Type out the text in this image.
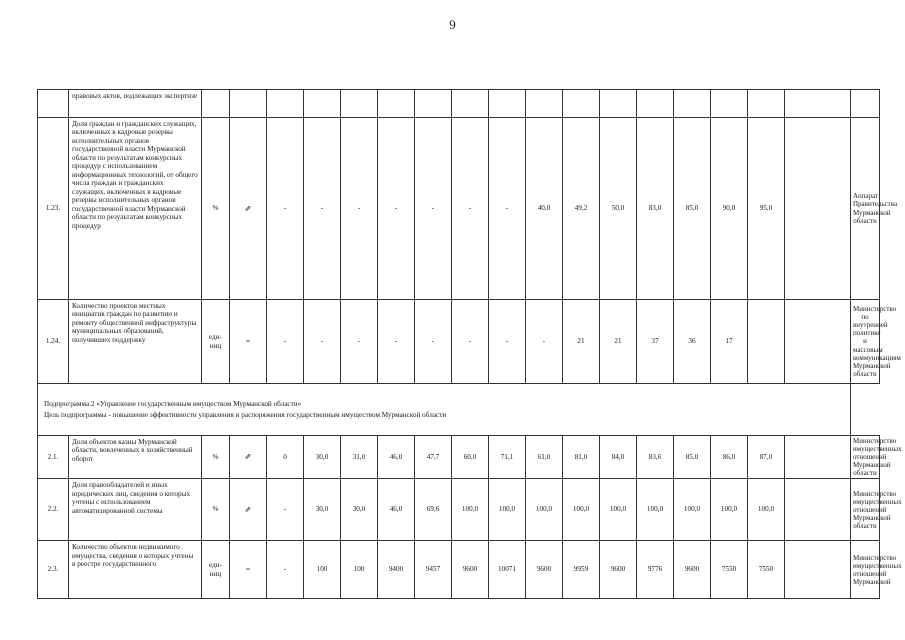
9
	правовых актов, подлежащих экспертизе																		
1.23.	Доля граждан и гражданских служащих, включенных в кадровые резервы исполнительных органов государственной власти Мурманской области по результатам конкурсных процедур с использованием информационных технологий, от общего числа граждан и гражданских служащих, включенных в кадровые резервы исполнительных органов государственной власти Мурманской области по результатам конкурсных процедур	%	⇗	-	-	-	-	-	-	-	40,0	49,2	50,0	83,0	85,0	90,0	95,0		Аппарат Правительства Мурманской области
1.24.	Количество проектов местных инициатив граждан по развитию и ремонту общественной инфраструктуры муниципальных образований, получивших поддержку	еди-ниц	=	-	-	-	-	-	-	-	-	21	21	37	36	17			Министерство по внутренней политике и массовым коммуникациям Мурманской области

Подпрограмма 2 «Управление государственным имуществом Мурманской области»
Цель подпрограммы - повышение эффективности управления и распоряжения государственным имуществом Мурманской области																			

2.1.	Доля объектов казны Мурманской области, вовлеченных в хозяйственный оборот	%	⇗	0	30,0	31,0	46,0	47,7	60,0	71,1	61,0	81,0	84,0	83,6	85,0	86,0	87,0		Министерство имущественных отношений Мурманской области
2.2.	Доля правообладателей и иных юридических лиц, сведения о которых учтены с использованием автоматизированной системы	%	⇗	-	30,0	30,0	46,0	69,6	100,0	100,0	100,0	100,0	100,0	100,0	100,0	100,0	100,0		Министерство имущественных отношений Мурманской области
2.3.	Количество объектов недвижимого имущества, сведения о которых учтены в реестре государственного	еди-ниц	=	-	100	100	9400	9457	9600	10071	9600	9959	9600	9776	9600	7550	7550		Министерство имущественных отношений Мурманской
